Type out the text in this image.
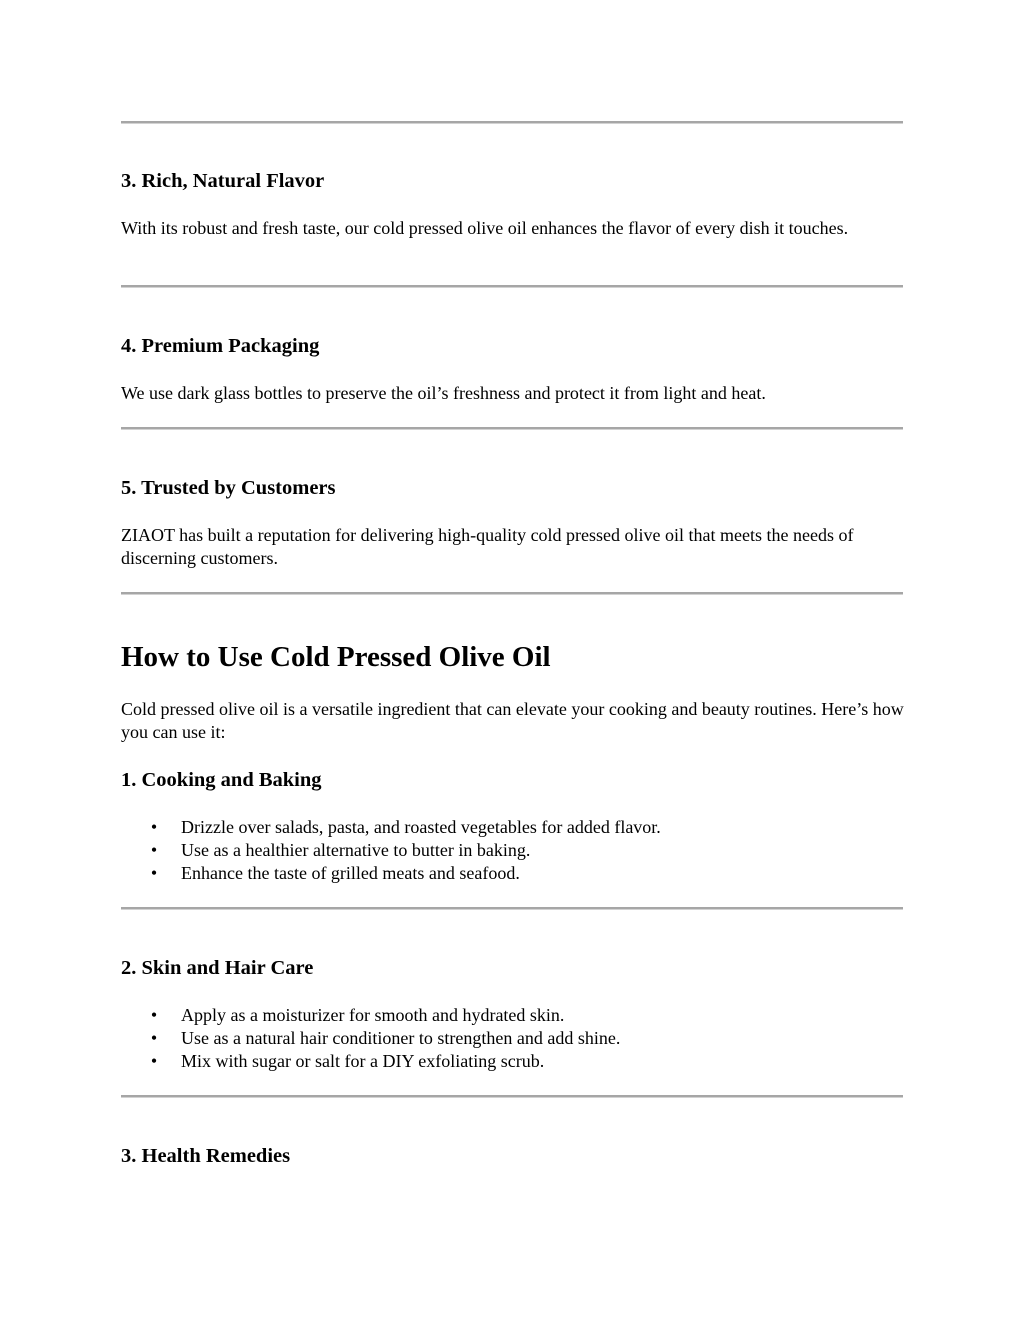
3. Rich, Natural Flavor
With its robust and fresh taste, our cold pressed olive oil enhances the flavor of every dish it touches.
4. Premium Packaging
We use dark glass bottles to preserve the oil’s freshness and protect it from light and heat.
5. Trusted by Customers
ZIAOT has built a reputation for delivering high-quality cold pressed olive oil that meets the needs of discerning customers.
How to Use Cold Pressed Olive Oil
Cold pressed olive oil is a versatile ingredient that can elevate your cooking and beauty routines. Here’s how you can use it:
1. Cooking and Baking
• Drizzle over salads, pasta, and roasted vegetables for added flavor.
• Use as a healthier alternative to butter in baking.
• Enhance the taste of grilled meats and seafood.
2. Skin and Hair Care
• Apply as a moisturizer for smooth and hydrated skin.
• Use as a natural hair conditioner to strengthen and add shine.
• Mix with sugar or salt for a DIY exfoliating scrub.
3. Health Remedies
